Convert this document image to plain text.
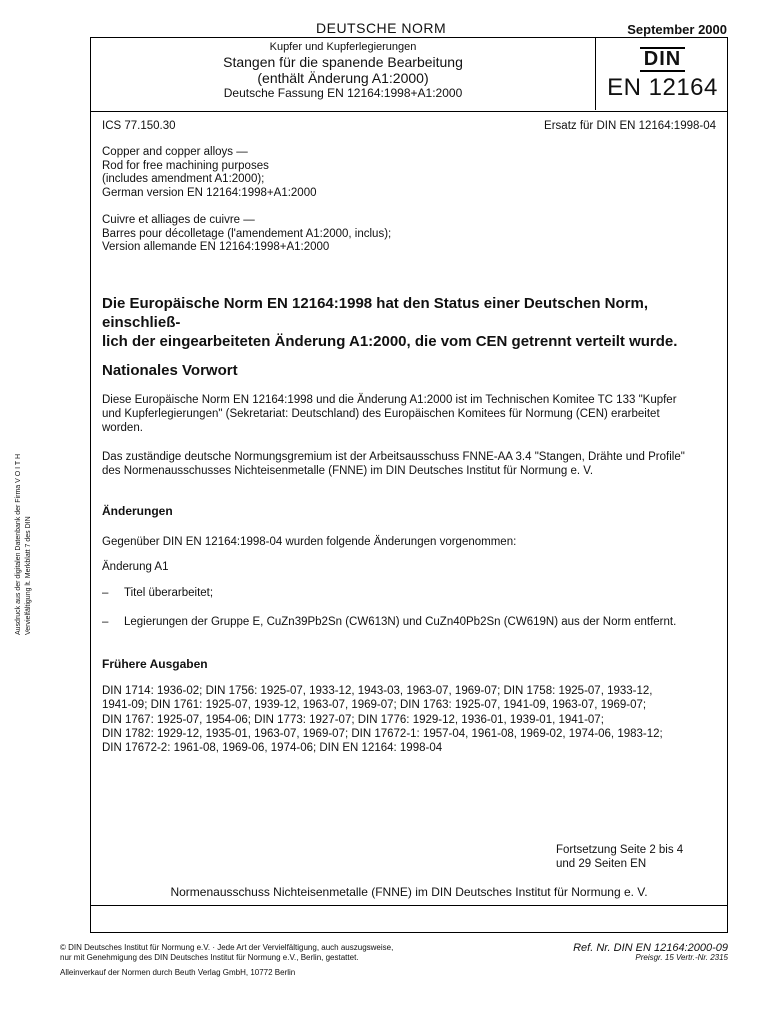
DEUTSCHE NORM	September 2000
Ausdruck aus der digitalen Datenbank der Firma V O I T H Vervielfältigung lt. Merkblatt 7 des DIN
Kupfer und Kupferlegierungen
Stangen für die spanende Bearbeitung
(enthält Änderung A1:2000)
Deutsche Fassung EN 12164:1998+A1:2000
DIN
EN 12164
ICS 77.150.30	Ersatz für DIN EN 12164:1998-04
Copper and copper alloys —
Rod for free machining purposes
(includes amendment A1:2000);
German version EN 12164:1998+A1:2000
Cuivre et alliages de cuivre —
Barres pour décolletage (l'amendement A1:2000, inclus);
Version allemande EN 12164:1998+A1:2000
Die Europäische Norm EN 12164:1998 hat den Status einer Deutschen Norm, einschließ-
lich der eingearbeiteten Änderung A1:2000, die vom CEN getrennt verteilt wurde.
Nationales Vorwort
Diese Europäische Norm EN 12164:1998 und die Änderung A1:2000 ist im Technischen Komitee TC 133 "Kupfer
und Kupferlegierungen" (Sekretariat: Deutschland) des Europäischen Komitees für Normung (CEN) erarbeitet
worden.
Das zuständige deutsche Normungsgremium ist der Arbeitsausschuss FNNE-AA 3.4 "Stangen, Drähte und Profile"
des Normenausschusses Nichteisenmetalle (FNNE) im DIN Deutsches Institut für Normung e. V.
Änderungen
Gegenüber DIN EN 12164:1998-04 wurden folgende Änderungen vorgenommen:
Änderung A1
– Titel überarbeitet;
– Legierungen der Gruppe E, CuZn39Pb2Sn (CW613N) und CuZn40Pb2Sn (CW619N) aus der Norm entfernt.
Frühere Ausgaben
DIN 1714: 1936-02; DIN 1756: 1925-07, 1933-12, 1943-03, 1963-07, 1969-07; DIN 1758: 1925-07, 1933-12,
1941-09; DIN 1761: 1925-07, 1939-12, 1963-07, 1969-07; DIN 1763: 1925-07, 1941-09, 1963-07, 1969-07;
DIN 1767: 1925-07, 1954-06; DIN 1773: 1927-07; DIN 1776: 1929-12, 1936-01, 1939-01, 1941-07;
DIN 1782: 1929-12, 1935-01, 1963-07, 1969-07; DIN 17672-1: 1957-04, 1961-08, 1969-02, 1974-06, 1983-12;
DIN 17672-2: 1961-08, 1969-06, 1974-06; DIN EN 12164: 1998-04
Fortsetzung Seite 2 bis 4
und 29 Seiten EN
Normenausschuss Nichteisenmetalle (FNNE) im DIN Deutsches Institut für Normung e. V.
© DIN Deutsches Institut für Normung e.V. · Jede Art der Vervielfältigung, auch auszugsweise,
nur mit Genehmigung des DIN Deutsches Institut für Normung e.V., Berlin, gestattet.
Ref. Nr. DIN EN 12164:2000-09
Preisgr. 15 Vertr.-Nr. 2315
Alleinverkauf der Normen durch Beuth Verlag GmbH, 10772 Berlin
